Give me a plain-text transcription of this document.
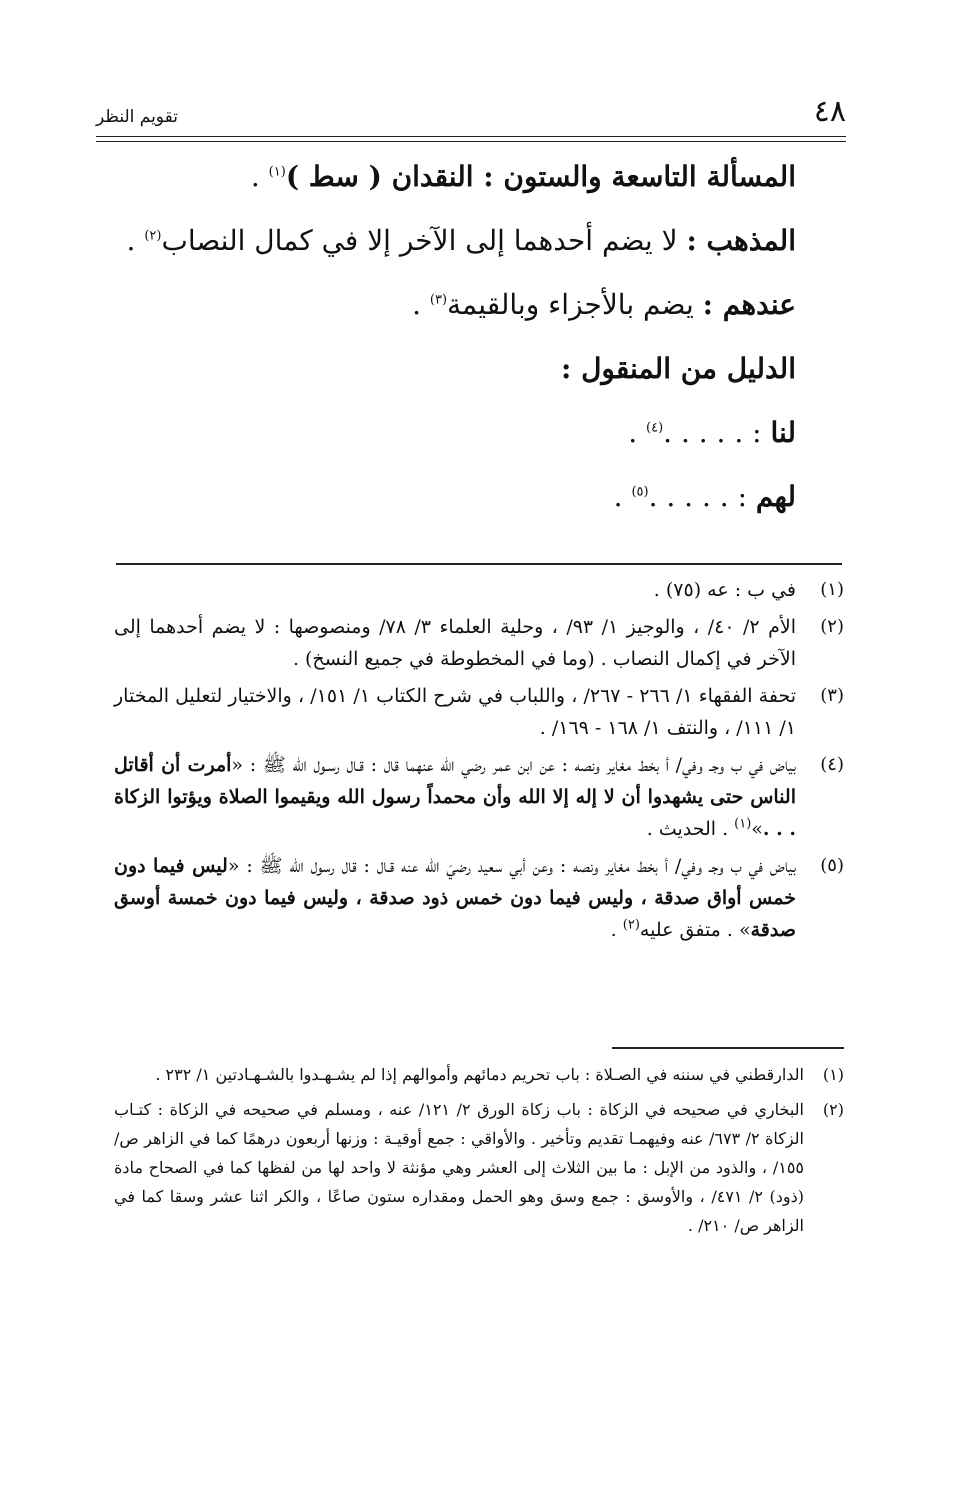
٤٨
تقويم النظر
المسألة التاسعة والستون : النقدان ( سط )$^{(١)}$ .
المذهب : لا يضم أحدهما إلى الآخر إلا في كمال النصاب$^{(٢)}$ .
عندهم : يضم بالأجزاء وبالقيمة$^{(٣)}$ .
الدليل من المنقول :
لنا : . . . . .$^{(٤)}$ .
لهم : . . . . .$^{(٥)}$ .
(١)
في ب : عه (٧٥) .
(٢)
الأم ٢/ ٤٠/ ، والوجيز ١/ ٩٣/ ، وحلية العلماء ٣/ ٧٨/ ومنصوصها : لا يضم أحدهما إلى الآخر في إكمال النصاب . (وما في المخطوطة في جميع النسخ) .
(٣)
تحفة الفقهاء ١/ ٢٦٦ - ٢٦٧/ ، واللباب في شرح الكتاب ١/ ١٥١/ ، والاختيار لتعليل المختار ١/ ١١١/ ، والنتف ١/ ١٦٨ - ١٦٩/ .
(٤)
بياض في ب وجـ وفي/ أ بخط مغاير ونصه : عن ابن عمر رضي الله عنهما قال : قـال رسـول الله ﷺ : «أمرت أن أقاتل الناس حتى يشهدوا أن لا إله إلا الله وأن محمداً رسول الله ويقيموا الصلاة ويؤتوا الزكاة . . .»$^{(١)}$ . الحديث .
(٥)
بياض في ب وجـ وفي/ أ بخط مغاير ونصه : وعن أبي سعيد رضيَ الله عنه قـال : قال رسول الله ﷺ : «ليس فيما دون خمس أواق صدقة ، وليس فيما دون خمس ذود صدقة ، وليس فيما دون خمسة أوسق صدقة» . متفق عليه$^{(٢)}$ .
(١)
الدارقطني في سننه في الصـلاة : باب تحريم دمائهم وأموالهم إذا لم يشـهـدوا بالشـهـادتين ١/ ٢٣٢ .
(٢)
البخاري في صحيحه في الزكاة : باب زكاة الورق ٢/ ١٢١/ عنه ، ومسلم في صحيحه في الزكاة : كتـاب الزكاة ٢/ ٦٧٣/ عنه وفيهمـا تقديم وتأخير . والأواقي : جمع أوقيـة : وزنها أربعون درهمًا كما في الزاهر ص/ ١٥٥/ ، والذود من الإبل : ما بين الثلاث إلى العشر وهي مؤنثة لا واحد لها من لفظها كما في الصحاح مادة (ذود) ٢/ ٤٧١/ ، والأوسق : جمع وسق وهو الحمل ومقداره ستون صاعًا ، والكر اثنا عشر وسقا كما في الزاهر ص/ ٢١٠/ .
